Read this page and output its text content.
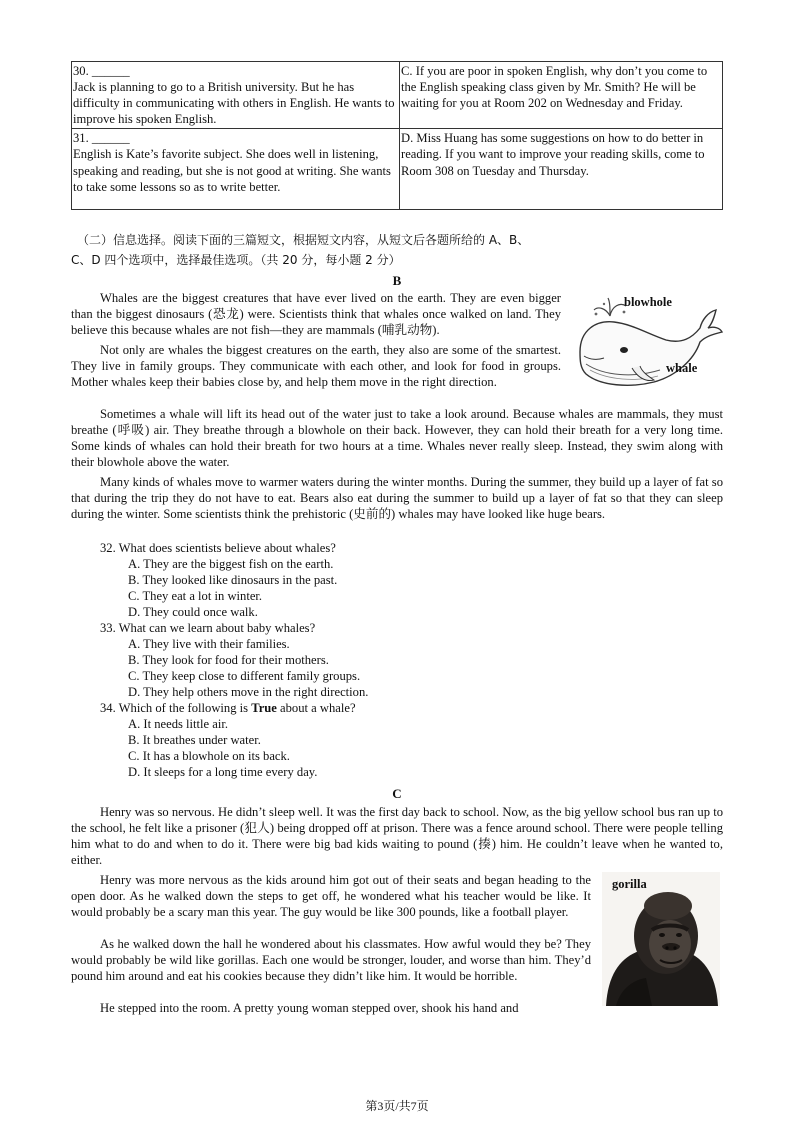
30. ______
Jack is planning to go to a British university. But he has difficulty in communicating with others in English. He wants to improve his spoken English.	C. If you are poor in spoken English, why don’t you come to the English speaking class given by Mr. Smith? He will be waiting for you at Room 202 on Wednesday and Friday.

31. ______
English is Kate’s favorite subject. She does well in listening, speaking and reading, but she is not good at writing. She wants to take some lessons so as to write better.	D. Miss Huang has some suggestions on how to do better in reading. If you want to improve your reading skills, come to Room 308 on Tuesday and Thursday.
（二）信息选择。阅读下面的三篇短文，根据短文内容，从短文后各题所给的 A、B、
C、D 四个选项中，选择最佳选项。（共 20 分，每小题 2 分）
B

Whales are the biggest creatures that have ever lived on the earth. They are even bigger than the biggest dinosaurs (恐龙) were. Scientists think that whales once walked on land. They believe this because whales are not fish—they are mammals (哺乳动物).

Not only are whales the biggest creatures on the earth, they also are some of the smartest. They live in family groups. They communicate with each other, and look for food in groups. Mother whales keep their babies close by, and help them move in the right direction.

Sometimes a whale will lift its head out of the water just to take a look around. Because whales are mammals, they must breathe (呼吸) air. They breathe through a blowhole on their back. However, they can hold their breath for a very long time. Some kinds of whales can hold their breath for two hours at a time. Whales never really sleep. Instead, they swim along with their blowhole above the water.

Many kinds of whales move to warmer waters during the winter months. During the summer, they build up a layer of fat so that during the trip they do not have to eat. Bears also eat during the summer to build up a layer of fat so that they can sleep during the winter. Some scientists think the prehistoric (史前的) whales may have looked like huge bears.

blowhole
whale
32. What does scientists believe about whales?
A. They are the biggest fish on the earth.
B. They looked like dinosaurs in the past.
C. They eat a lot in winter.
D. They could once walk.
33. What can we learn about baby whales?
A. They live with their families.
B. They look for food for their mothers.
C. They keep close to different family groups.
D. They help others move in the right direction.
34. Which of the following is True about a whale?
A. It needs little air.
B. It breathes under water.
C. It has a blowhole on its back.
D. It sleeps for a long time every day.
C

Henry was so nervous. He didn’t sleep well. It was the first day back to school. Now, as the big yellow school bus ran up to the school, he felt like a prisoner (犯人) being dropped off at prison. There was a fence around school. There were people telling him what to do and when to do it. There were big bad kids waiting to pound (揍) him. He couldn’t leave when he wanted to, either.

Henry was more nervous as the kids around him got out of their seats and began heading to the open door. As he walked down the steps to get off, he wondered what his teacher would be like. It would probably be a scary man this year. The guy would be like 300 pounds, like a football player.

As he walked down the hall he wondered about his classmates. How awful would they be? They would probably be wild like gorillas. Each one would be stronger, louder, and worse than him. They’d pound him around and eat his cookies because they didn’t like him. It would be horrible.

He stepped into the room. A pretty young woman stepped over, shook his hand and

gorilla
第3页/共7页
